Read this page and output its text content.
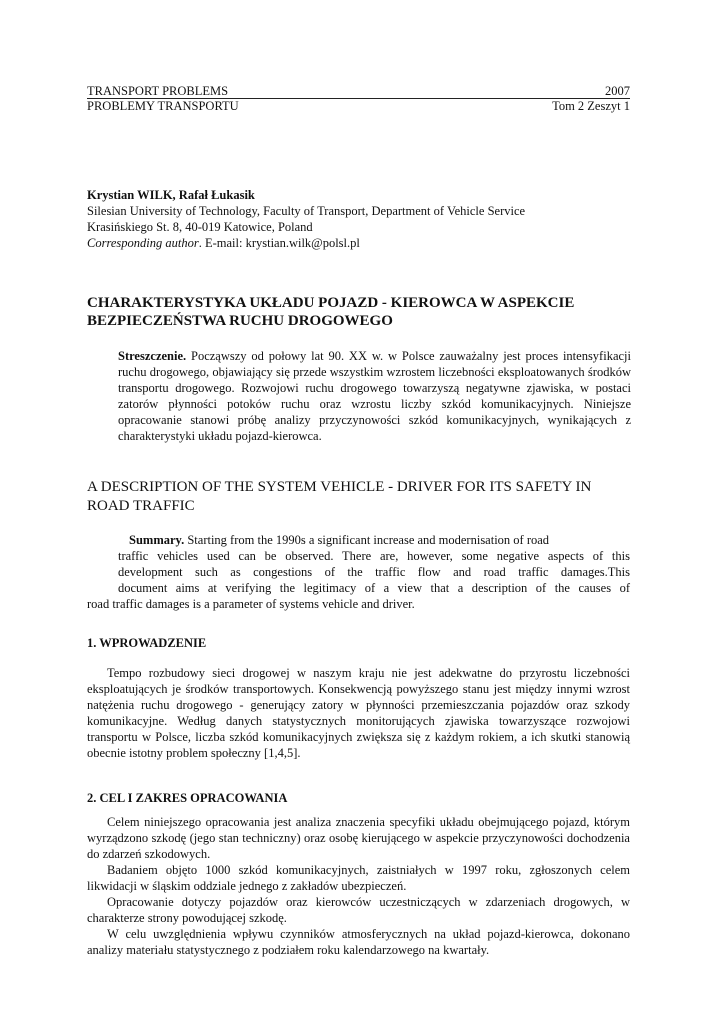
TRANSPORT PROBLEMS	2007
PROBLEMY TRANSPORTU	Tom 2 Zeszyt 1
Krystian WILK, Rafał Łukasik
Silesian University of Technology, Faculty of Transport, Department of Vehicle Service
Krasińskiego St. 8, 40-019 Katowice, Poland
Corresponding author. E-mail: krystian.wilk@polsl.pl
CHARAKTERYSTYKA UKŁADU POJAZD - KIEROWCA W ASPEKCIE
BEZPIECZEŃSTWA RUCHU DROGOWEGO
Streszczenie. Począwszy od połowy lat 90. XX w. w Polsce zauważalny jest proces intensyfikacji ruchu drogowego, objawiający się przede wszystkim wzrostem liczebności eksploatowanych środków transportu drogowego. Rozwojowi ruchu drogowego towarzyszą negatywne zjawiska, w postaci zatorów płynności potoków ruchu oraz wzrostu liczby szkód komunikacyjnych. Niniejsze opracowanie stanowi próbę analizy przyczynowości szkód komunikacyjnych, wynikających z charakterystyki układu pojazd-kierowca.
A DESCRIPTION OF THE SYSTEM VEHICLE - DRIVER FOR ITS SAFETY IN
ROAD TRAFFIC
Summary. Starting from the 1990s a significant increase and modernisation of road
traffic vehicles used can be observed. There are, however, some negative aspects of this
development such as congestions of the traffic flow and road traffic damages.This
document aims at verifying the legitimacy of a view that a description of the causes of
road traffic damages is a parameter of systems vehicle and driver.
1. WPROWADZENIE

Tempo rozbudowy sieci drogowej w naszym kraju nie jest adekwatne do przyrostu liczebności eksploatujących je środków transportowych. Konsekwencją powyższego stanu jest między innymi wzrost natężenia ruchu drogowego - generujący zatory w płynności przemieszczania pojazdów oraz szkody komunikacyjne. Według danych statystycznych monitorujących zjawiska towarzyszące rozwojowi transportu w Polsce, liczba szkód komunikacyjnych zwiększa się z każdym rokiem, a ich skutki stanowią obecnie istotny problem społeczny [1,4,5].

2. CEL I ZAKRES OPRACOWANIA

Celem niniejszego opracowania jest analiza znaczenia specyfiki układu obejmującego pojazd, którym wyrządzono szkodę (jego stan techniczny) oraz osobę kierującego w aspekcie przyczynowości dochodzenia do zdarzeń szkodowych.

Badaniem objęto 1000 szkód komunikacyjnych, zaistniałych w 1997 roku, zgłoszonych celem likwidacji w śląskim oddziale jednego z zakładów ubezpieczeń.

Opracowanie dotyczy pojazdów oraz kierowców uczestniczących w zdarzeniach drogowych, w charakterze strony powodującej szkodę.

W celu uwzględnienia wpływu czynników atmosferycznych na układ pojazd-kierowca, dokonano analizy materiału statystycznego z podziałem roku kalendarzowego na kwartały.
